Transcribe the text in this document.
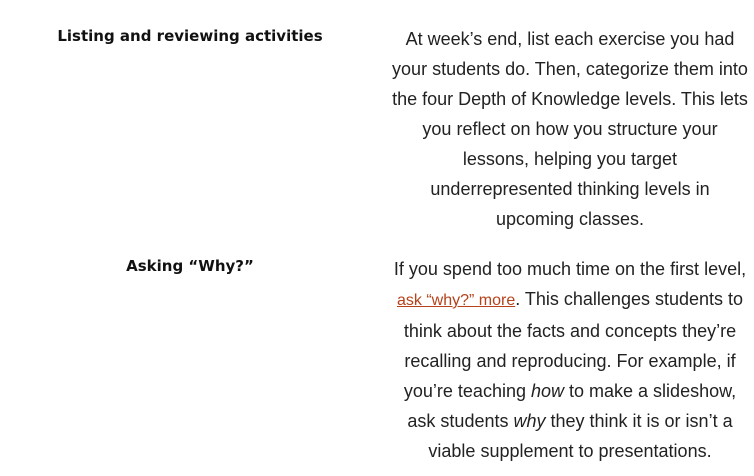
Listing and reviewing activities	At week’s end, list each exercise you had
your students do. Then, categorize them into
the four Depth of Knowledge levels. This lets
you reflect on how you structure your
lessons, helping you target
underrepresented thinking levels in
upcoming classes.
Asking “Why?”	If you spend too much time on the first level,
ask “why?” more. This challenges students to
think about the facts and concepts they’re
recalling and reproducing. For example, if
you’re teaching how to make a slideshow,
ask students why they think it is or isn’t a
viable supplement to presentations.
